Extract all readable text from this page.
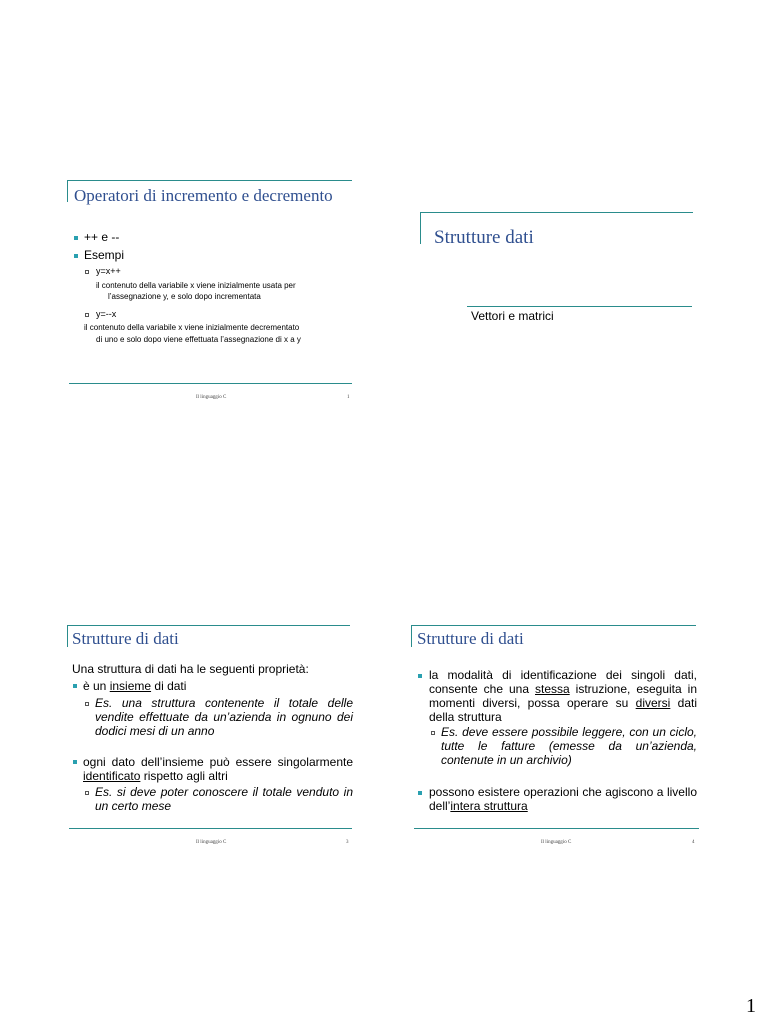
Operatori di incremento e decremento
++ e --
Esempi
y=x++
il contenuto della variabile x viene inizialmente usata per
l’assegnazione y, e solo dopo incrementata
y=--x
il contenuto della variabile x viene inizialmente decrementato
di uno e solo dopo viene effettuata l’assegnazione di x a y
Il linguaggio C	1
Strutture dati
Vettori e matrici
Strutture di dati
Una struttura di dati ha le seguenti proprietà:
è un insieme di dati
Es. una struttura contenente il totale delle vendite effettuate da un’azienda in ognuno dei dodici mesi di un anno
ogni dato dell’insieme può essere singolarmente identificato rispetto agli altri
Es. si deve poter conoscere il totale venduto in un certo mese
Il linguaggio C	3
Strutture di dati
la modalità di identificazione dei singoli dati, consente che una stessa istruzione, eseguita in momenti diversi, possa operare su diversi dati della struttura
Es. deve essere possibile leggere, con un ciclo, tutte le fatture (emesse da un’azienda, contenute in un archivio)
possono esistere operazioni che agiscono a livello dell’intera struttura
Il linguaggio C	4
1
